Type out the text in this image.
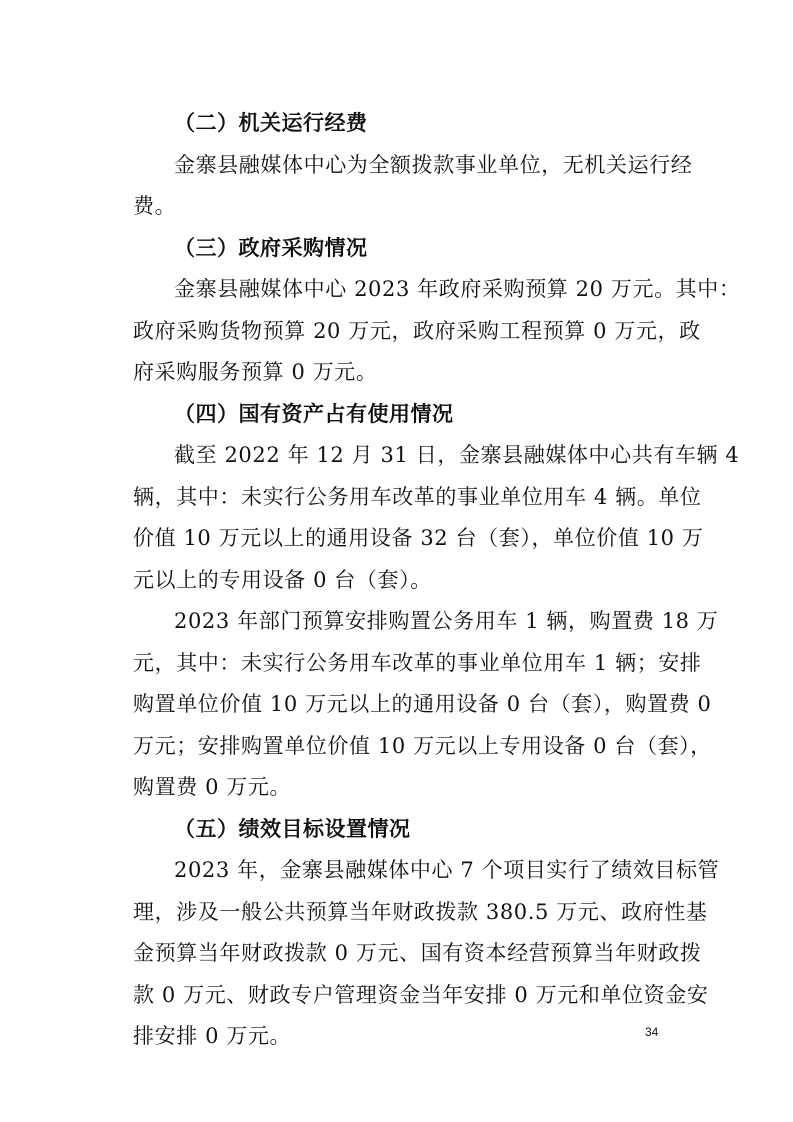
（二）机关运行经费
金寨县融媒体中心为全额拨款事业单位，无机关运行经
费。
（三）政府采购情况
金寨县融媒体中心 2023 年政府采购预算 20 万元。其中：
政府采购货物预算 20 万元，政府采购工程预算 0 万元，政
府采购服务预算 0 万元。
（四）国有资产占有使用情况
截至 2022 年 12 月 31 日，金寨县融媒体中心共有车辆 4
辆，其中：未实行公务用车改革的事业单位用车 4 辆。单位
价值 10 万元以上的通用设备 32 台（套），单位价值 10 万
元以上的专用设备 0 台（套）。
2023 年部门预算安排购置公务用车 1 辆，购置费 18 万
元，其中：未实行公务用车改革的事业单位用车 1 辆；安排
购置单位价值 10 万元以上的通用设备 0 台（套），购置费 0
万元；安排购置单位价值 10 万元以上专用设备 0 台（套），
购置费 0 万元。
（五）绩效目标设置情况
2023 年，金寨县融媒体中心 7 个项目实行了绩效目标管
理，涉及一般公共预算当年财政拨款 380.5 万元、政府性基
金预算当年财政拨款 0 万元、国有资本经营预算当年财政拨
款 0 万元、财政专户管理资金当年安排 0 万元和单位资金安
排安排 0 万元。	34
